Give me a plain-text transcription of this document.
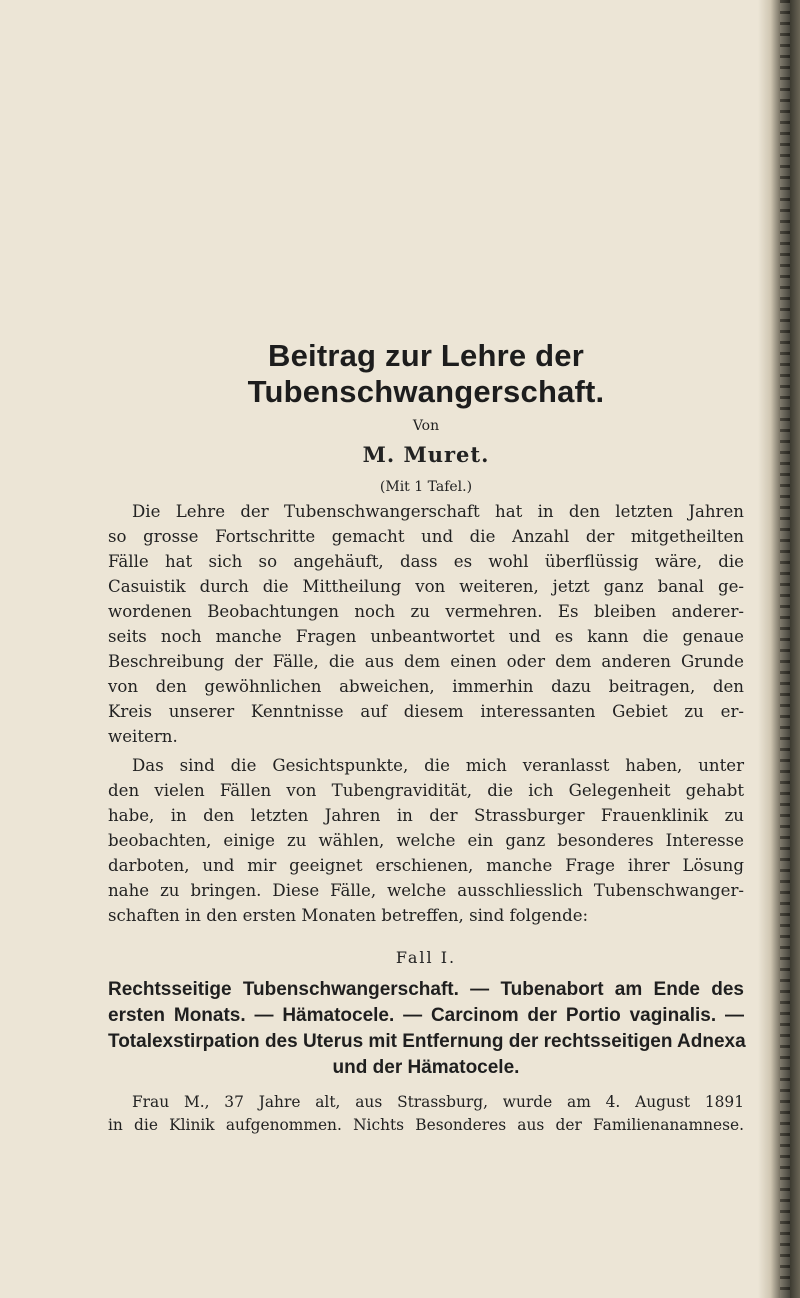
Beitrag zur Lehre der Tubenschwangerschaft.

Von

M. Muret.

(Mit 1 Tafel.)

Die Lehre der Tubenschwangerschaft hat in den letzten Jahren
so grosse Fortschritte gemacht und die Anzahl der mitgetheilten
Fälle hat sich so angehäuft, dass es wohl überflüssig wäre, die
Casuistik durch die Mittheilung von weiteren, jetzt ganz banal ge-
wordenen Beobachtungen noch zu vermehren. Es bleiben anderer-
seits noch manche Fragen unbeantwortet und es kann die genaue
Beschreibung der Fälle, die aus dem einen oder dem anderen Grunde
von den gewöhnlichen abweichen, immerhin dazu beitragen, den
Kreis unserer Kenntnisse auf diesem interessanten Gebiet zu er-
weitern.
Das sind die Gesichtspunkte, die mich veranlasst haben, unter
den vielen Fällen von Tubengravidität, die ich Gelegenheit gehabt
habe, in den letzten Jahren in der Strassburger Frauenklinik zu
beobachten, einige zu wählen, welche ein ganz besonderes Interesse
darboten, und mir geeignet erschienen, manche Frage ihrer Lösung
nahe zu bringen. Diese Fälle, welche ausschliesslich Tubenschwanger-
schaften in den ersten Monaten betreffen, sind folgende:

Fall I.

Rechtsseitige Tubenschwangerschaft. — Tubenabort am Ende des
ersten Monats. — Hämatocele. — Carcinom der Portio vaginalis. —
Totalexstirpation des Uterus mit Entfernung der rechtsseitigen Adnexa
und der Hämatocele.
Frau M., 37 Jahre alt, aus Strassburg, wurde am 4. August 1891
in die Klinik aufgenommen. Nichts Besonderes aus der Familienanamnese.
